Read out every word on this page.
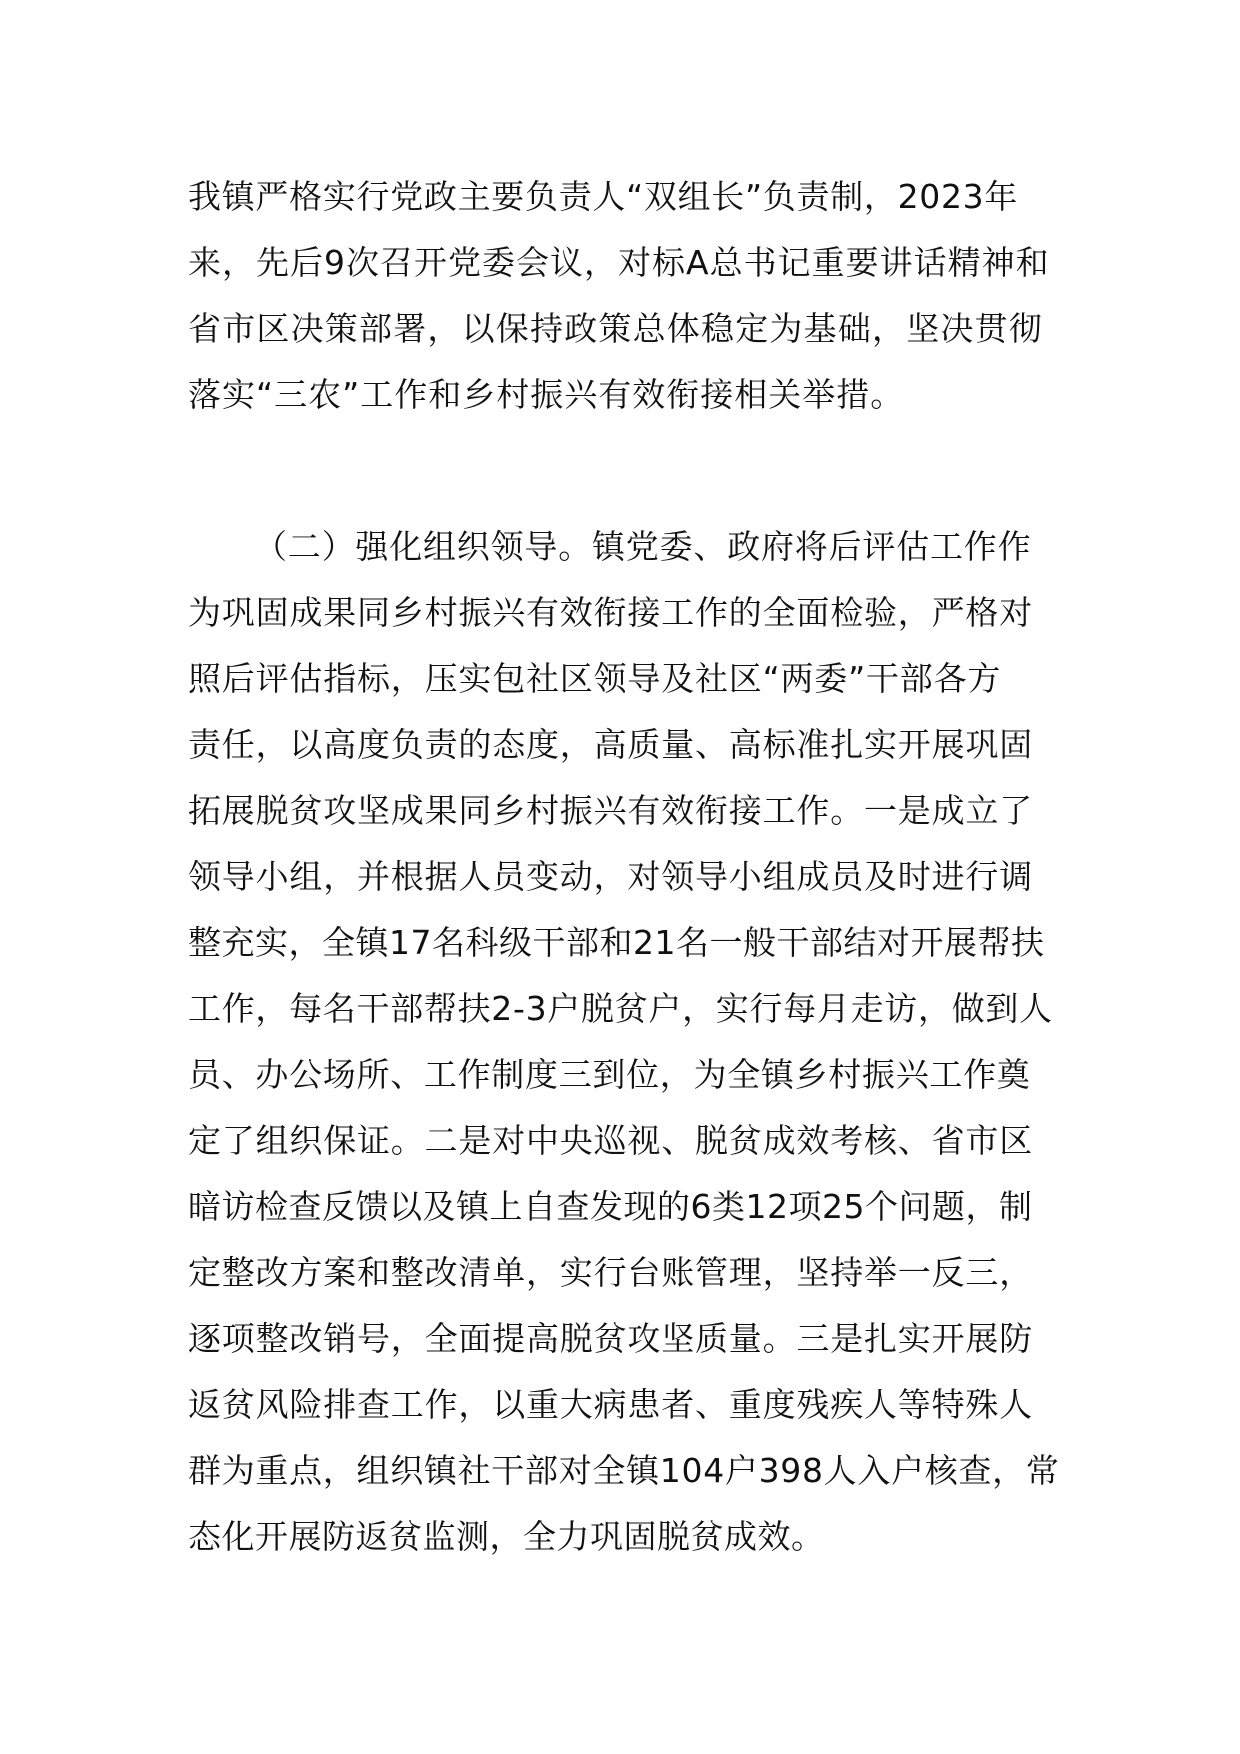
我镇严格实行党政主要负责人“双组长”负责制，2023年
来，先后9次召开党委会议，对标A总书记重要讲话精神和
省市区决策部署，以保持政策总体稳定为基础，坚决贯彻
落实“三农”工作和乡村振兴有效衔接相关举措。
（二）强化组织领导。镇党委、政府将后评估工作作
为巩固成果同乡村振兴有效衔接工作的全面检验，严格对
照后评估指标，压实包社区领导及社区“两委”干部各方
责任，以高度负责的态度，高质量、高标准扎实开展巩固
拓展脱贫攻坚成果同乡村振兴有效衔接工作。一是成立了
领导小组，并根据人员变动，对领导小组成员及时进行调
整充实，全镇17名科级干部和21名一般干部结对开展帮扶
工作，每名干部帮扶2-3户脱贫户，实行每月走访，做到人
员、办公场所、工作制度三到位，为全镇乡村振兴工作奠
定了组织保证。二是对中央巡视、脱贫成效考核、省市区
暗访检查反馈以及镇上自查发现的6类12项25个问题，制
定整改方案和整改清单，实行台账管理，坚持举一反三，
逐项整改销号，全面提高脱贫攻坚质量。三是扎实开展防
返贫风险排查工作，以重大病患者、重度残疾人等特殊人
群为重点，组织镇社干部对全镇104户398人入户核查，常
态化开展防返贫监测，全力巩固脱贫成效。
